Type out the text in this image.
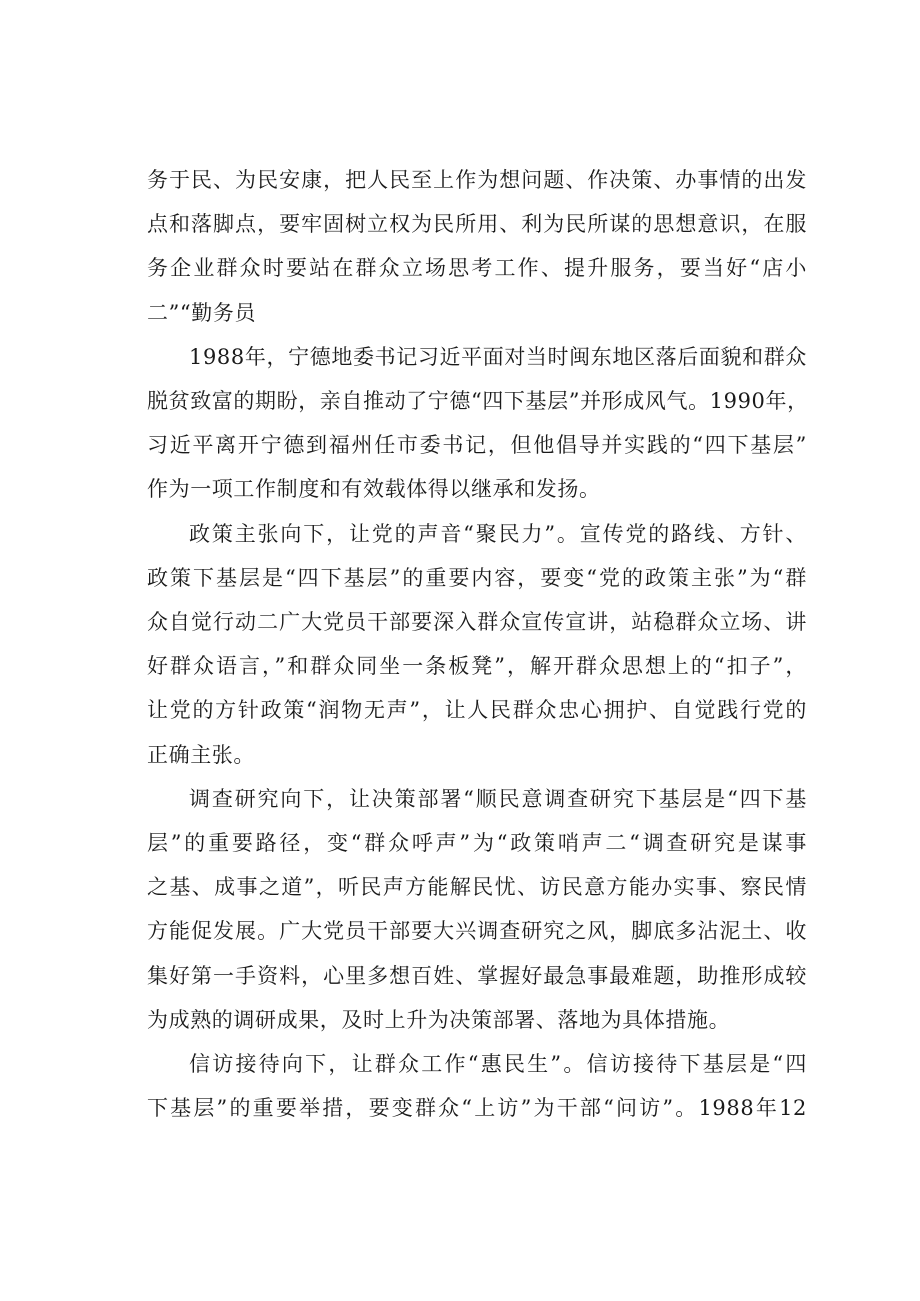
务于民、为民安康，把人民至上作为想问题、作决策、办事情的出发
点和落脚点，要牢固树立权为民所用、利为民所谋的思想意识，在服
务企业群众时要站在群众立场思考工作、提升服务，要当好“店小
二”“勤务员

1988年，宁德地委书记习近平面对当时闽东地区落后面貌和群众
脱贫致富的期盼，亲自推动了宁德“四下基层”并形成风气。1990年，
习近平离开宁德到福州任市委书记，但他倡导并实践的“四下基层”
作为一项工作制度和有效载体得以继承和发扬。

政策主张向下，让党的声音“聚民力”。宣传党的路线、方针、
政策下基层是“四下基层”的重要内容，要变“党的政策主张”为“群
众自觉行动二广大党员干部要深入群众宣传宣讲，站稳群众立场、讲
好群众语言，”和群众同坐一条板凳”，解开群众思想上的“扣子”，
让党的方针政策“润物无声”，让人民群众忠心拥护、自觉践行党的
正确主张。

调查研究向下，让决策部署“顺民意调查研究下基层是“四下基
层”的重要路径，变“群众呼声”为“政策哨声二“调查研究是谋事
之基、成事之道”，听民声方能解民忧、访民意方能办实事、察民情
方能促发展。广大党员干部要大兴调查研究之风，脚底多沾泥土、收
集好第一手资料，心里多想百姓、掌握好最急事最难题，助推形成较
为成熟的调研成果，及时上升为决策部署、落地为具体措施。

信访接待向下，让群众工作“惠民生”。信访接待下基层是“四
下基层”的重要举措，要变群众“上访”为干部“问访”。1988年12
